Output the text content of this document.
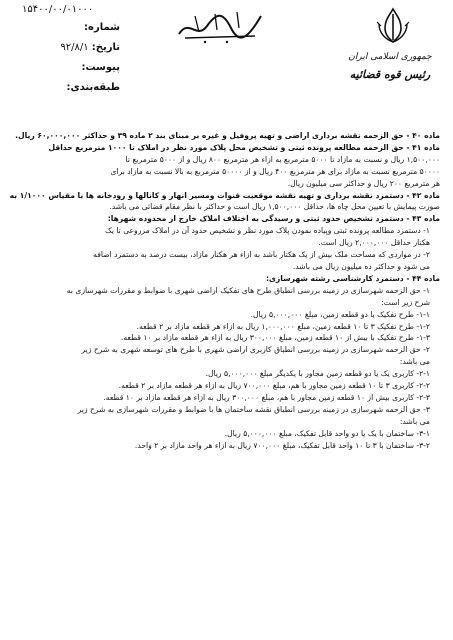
۱۵۴۰۰/۰۰/۰۱۰۰۰
شماره:
تاریخ: ۹۲/۸/۱
پیوست:
طبقه‌بندی:
جمهوری اسلامی ایران
رئیس قوه قضائیه
ماده ۴۰ - حق الزحمه نقشه برداری اراضی و تهیه پروفیل و غیره بر مبنای بند ۲ ماده ۳۹ و حداکثر ۶۰,۰۰۰,۰۰۰ ریال.
ماده ۴۱ - حق الزحمه مطالعه پرونده ثبتی و تشخیص محل پلاک مورد نظر در املاک تا ۱۰۰۰ مترمربع حداقل
۱,۵۰۰,۰۰۰ ریال و نسبت به مازاد تا ۵۰۰۰ مترمربع به ازاء هر مترمربع ۸۰۰ ریال و از ۵۰۰۰ مترمربع تا
۵۰۰۰۰ مترمربع نسبت به مازاد برای هر مترمربع ۴۰۰ ریال و از ۵۰۰۰۰ مترمربع به بالا نسبت به مازاد برای
هر مترمربع ۲۰۰ ریال و حداکثر سی میلیون ریال.
ماده ۴۲ - دستمزد نقشه برداری و تهیه نقشه موقعیت قنوات ومسیر انهار و کانالها و رودخانه ها با مقیاس ۱/۱۰۰۰ به
صورت پیمایش با تعیین محل چاه ها، حداقل ۱,۵۰۰,۰۰۰ ریال است و حداکثر با نظر مقام قضائی می باشد.
ماده ۴۳ - دستمزد تشخیص حدود ثبتی و رسیدگی به اختلاف املاک خارج از محدوده شهرها:
۱- دستمزد مطالعه پرونده ثبتی وپیاده نمودن پلاک مورد نظر و تشخیص حدود آن در املاک مزروعی تا یک
هکتار حداقل ۲,۰۰۰,۰۰۰ ریال است.
۲- در مواردی که مساحت ملک بیش از یک هکتار باشد به ازاء هر هکتار مازاد، بیست درصد به دستمزد اضافه
می شود و حداکثر ده میلیون ریال می باشد.
ماده ۴۴ - دستمزد کارشناسی رشته شهرسازی:
۱- حق الزحمه شهرسازی در زمینه بررسی انطباق طرح های تفکیک اراضی شهری با ضوابط و مقررات شهرسازی به
شرح زیر است:
۱-۱- طرح تفکیک یا دو قطعه زمین، مبلغ ۵,۰۰۰,۰۰۰ ریال.
۱-۲- طرح تفکیک ۳ تا ۱۰ قطعه زمین، مبلغ ۱,۰۰۰,۰۰۰ ریال به ازاء هر قطعه مازاد بر ۲ قطعه.
۱-۳- طرح تفکیک با بیش از ۱۰ قطعه زمین، مبلغ ۳۰۰,۰۰۰ ریال به ازاء هر قطعه مازاد بر ۱۰ قطعه.
۲- حق الزحمه شهرسازی در زمینه بررسی انطباق کاربری اراضی شهری با طرح های توسعه شهری به شرح زیر
می باشد:
۲-۱- کاربری یک یا دو قطعه زمین مجاور با یکدیگر مبلغ ۵,۰۰۰,۰۰۰ ریال.
۲-۲- کاربری ۳ تا ۱۰ قطعه زمین مجاور با هم، مبلغ ۷۰۰,۰۰۰ ریال به ازاء هر قطعه مازاد بر ۲ قطعه.
۲-۳- کاربری بیش از ۱۰ قطعه زمین مجاور با هم، مبلغ ۳۰۰,۰۰۰ ریال به ازاء هر قطعه مازاد بر ۱۰ قطعه.
۳- حق الزحمه شهرسازی در زمینه بررسی انطباق نقشه ساختمان ها با ضوابط و مقررات شهرسازی به شرح زیر
می باشد:
۳-۱- ساختمان با یک یا دو واحد قابل تفکیک، مبلغ ۵,۰۰۰,۰۰۰ ریال.
۳-۲- ساختمان با ۳ تا ۱۰ واحد قابل تفکیک، مبلغ ۷۰۰,۰۰۰ ریال به ازاء هر واحد مازاد بر ۲ واحد.
